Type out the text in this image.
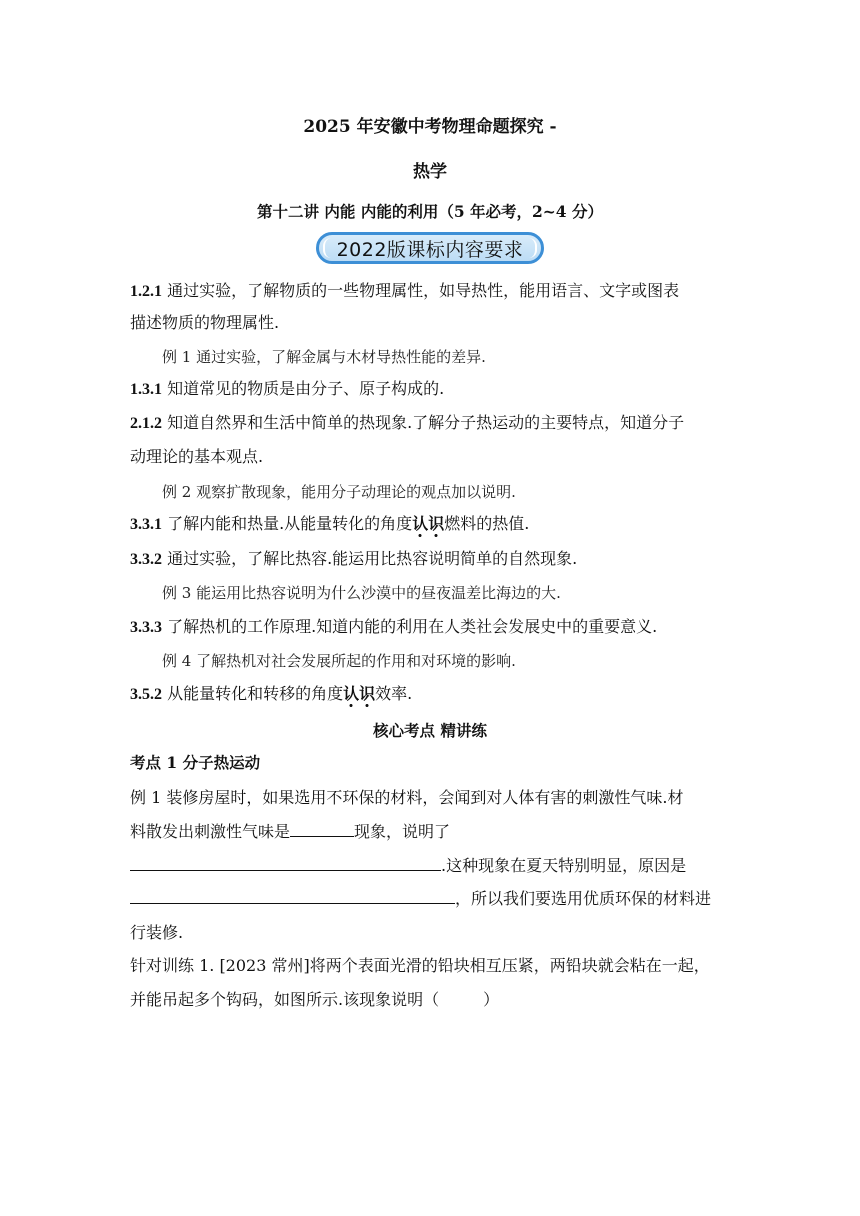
2025 年安徽中考物理命题探究 -
热学
第十二讲 内能 内能的利用（5 年必考，2~4 分）
2022版课标内容要求
1.2.1 通过实验，了解物质的一些物理属性，如导热性，能用语言、文字或图表
描述物质的物理属性.
例 1 通过实验，了解金属与木材导热性能的差异.
1.3.1 知道常见的物质是由分子、原子构成的.
2.1.2 知道自然界和生活中简单的热现象.了解分子热运动的主要特点，知道分子
动理论的基本观点.
例 2 观察扩散现象，能用分子动理论的观点加以说明.
3.3.1 了解内能和热量.从能量转化的角度认识燃料的热值.
3.3.2 通过实验，了解比热容.能运用比热容说明简单的自然现象.
例 3 能运用比热容说明为什么沙漠中的昼夜温差比海边的大.
3.3.3 了解热机的工作原理.知道内能的利用在人类社会发展史中的重要意义.
例 4 了解热机对社会发展所起的作用和对环境的影响.
3.5.2 从能量转化和转移的角度认识效率.
核心考点 精讲练
考点 1 分子热运动
例 1 装修房屋时，如果选用不环保的材料，会闻到对人体有害的刺激性气味.材
料散发出刺激性气味是	现象，说明了
.这种现象在夏天特别明显，原因是
，所以我们要选用优质环保的材料进
行装修.
针对训练 1. [2023 常州]将两个表面光滑的铅块相互压紧，两铅块就会粘在一起，
并能吊起多个钩码，如图所示.该现象说明（	）
